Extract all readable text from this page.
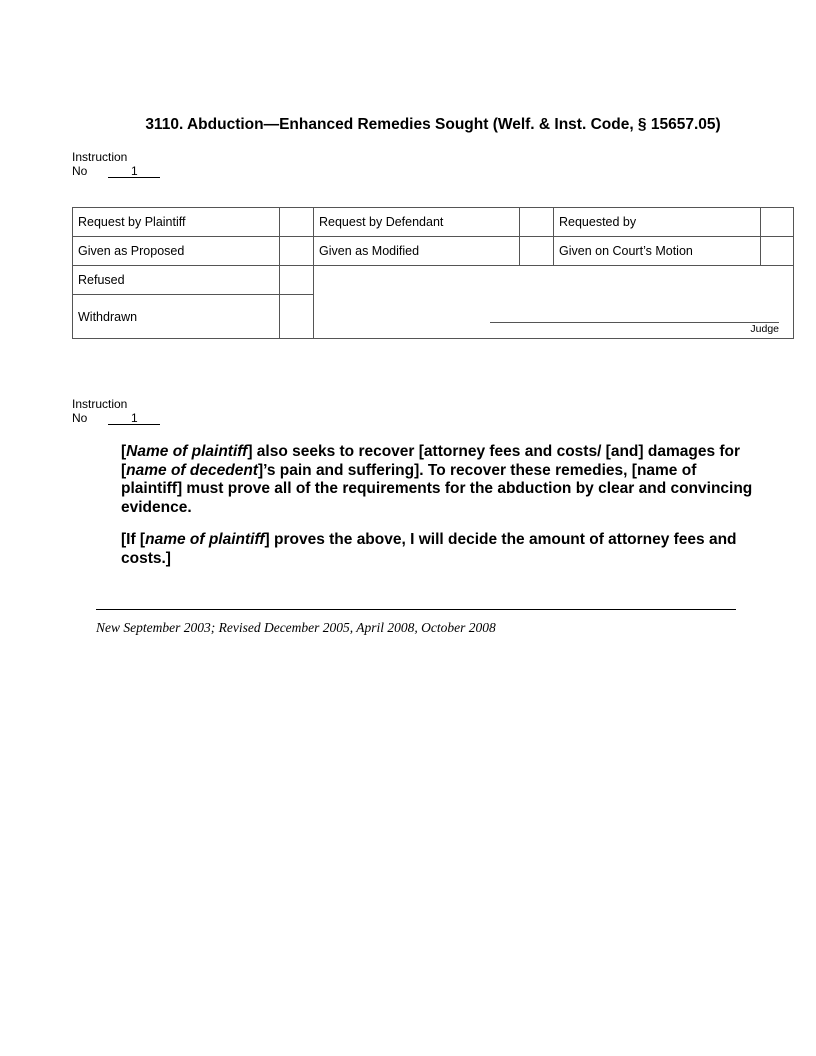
3110. Abduction—Enhanced Remedies Sought (Welf. & Inst. Code, § 15657.05)
Instruction
No	1
Request by Plaintiff		Request by Defendant		Requested by	
Given as Proposed		Given as Modified		Given on Court’s Motion	
Refused		Judge			

Withdrawn					
Instruction
No	1

[Name of plaintiff] also seeks to recover [attorney fees and costs/ [and] damages for [name of decedent]’s pain and suffering]. To recover these remedies, [name of plaintiff] must prove all of the requirements for the abduction by clear and convincing evidence.

[If [name of plaintiff] proves the above, I will decide the amount of attorney fees and costs.]

New September 2003; Revised December 2005, April 2008, October 2008
